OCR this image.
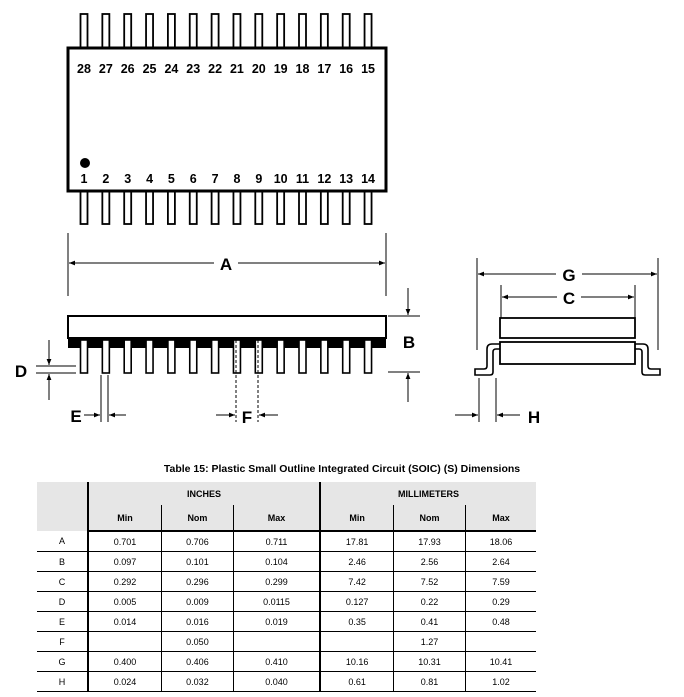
28 27 26 25 24 23 22 21 20 19 18 17 16 15
1 2 3 4 5 6 7 8 9 10 11 12 13 14
A
B
D
E	F
G
C
H
Table 15: Plastic Small Outline Integrated Circuit (SOIC) (S) Dimensions
	INCHES			MILLIMETERS		
	Min	Nom	Max	Min	Nom	Max
A	0.701	0.706	0.711	17.81	17.93	18.06
B	0.097	0.101	0.104	2.46	2.56	2.64
C	0.292	0.296	0.299	7.42	7.52	7.59
D	0.005	0.009	0.0115	0.127	0.22	0.29
E	0.014	0.016	0.019	0.35	0.41	0.48
F		0.050			1.27	
G	0.400	0.406	0.410	10.16	10.31	10.41
H	0.024	0.032	0.040	0.61	0.81	1.02
